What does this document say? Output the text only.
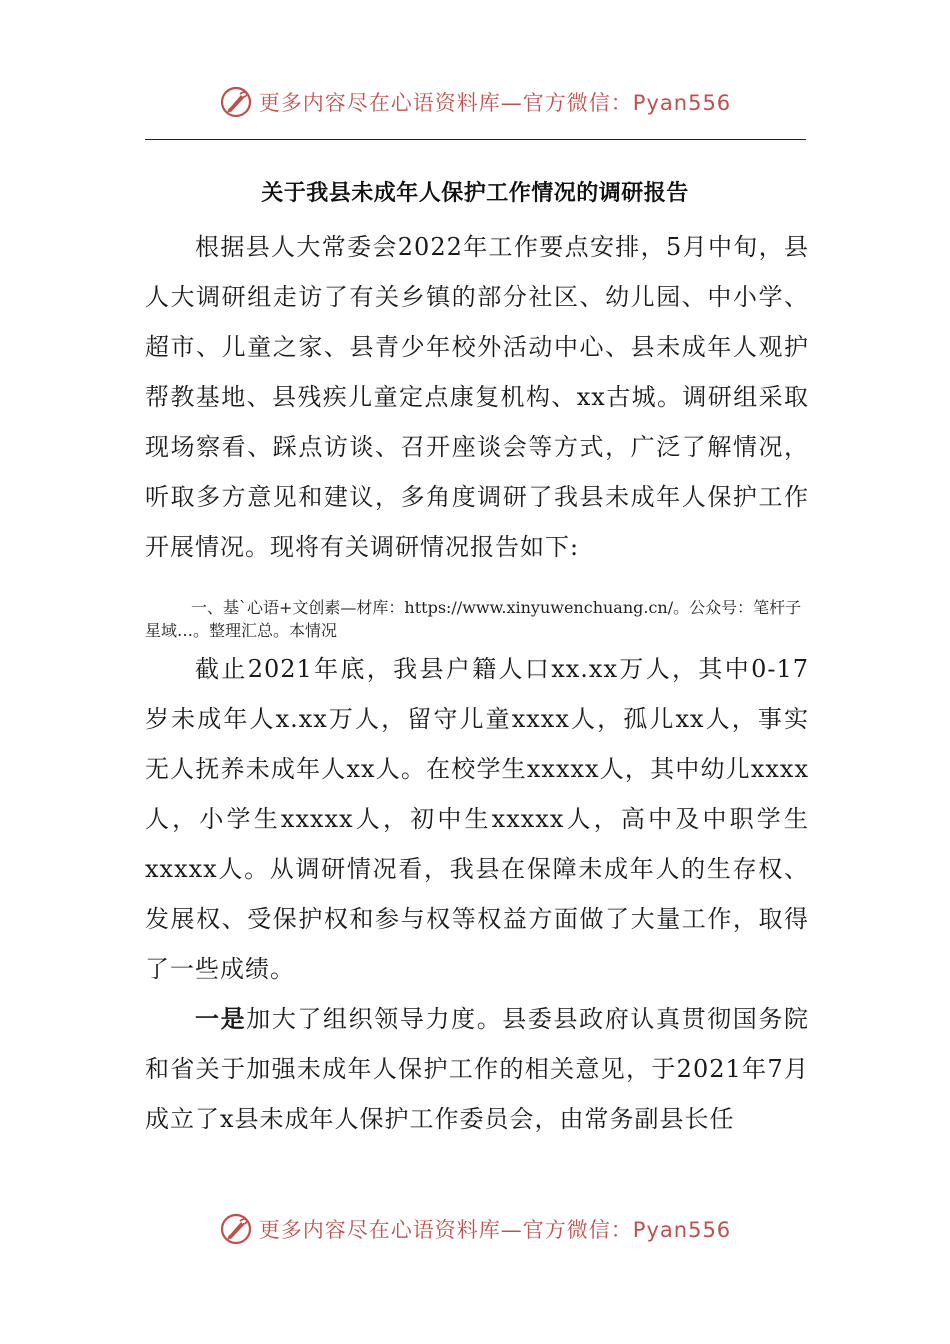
更多内容尽在心语资料库—官方微信：Pyan556
关于我县未成年人保护工作情况的调研报告

根据县人大常委会2022年工作要点安排，5月中旬，县人大调研组走访了有关乡镇的部分社区、幼儿园、中小学、超市、儿童之家、县青少年校外活动中心、县未成年人观护帮教基地、县残疾儿童定点康复机构、xx古城。调研组采取现场察看、踩点访谈、召开座谈会等方式，广泛了解情况，听取多方意见和建议，多角度调研了我县未成年人保护工作开展情况。现将有关调研情况报告如下:

一、基`心语+文创素—材库：https://www.xinyuwenchuang.cn/。公众号：笔杆子星域…。整理汇总。本情况

截止2021年底，我县户籍人口xx.xx万人，其中0-17岁未成年人x.xx万人，留守儿童xxxx人，孤儿xx人，事实无人抚养未成年人xx人。在校学生xxxxx人，其中幼儿xxxx人，小学生xxxxx人，初中生xxxxx人，高中及中职学生xxxxx人。从调研情况看，我县在保障未成年人的生存权、发展权、受保护权和参与权等权益方面做了大量工作，取得了一些成绩。

一是加大了组织领导力度。县委县政府认真贯彻国务院和省关于加强未成年人保护工作的相关意见，于2021年7月成立了x县未成年人保护工作委员会，由常务副县长任

更多内容尽在心语资料库—官方微信：Pyan556
